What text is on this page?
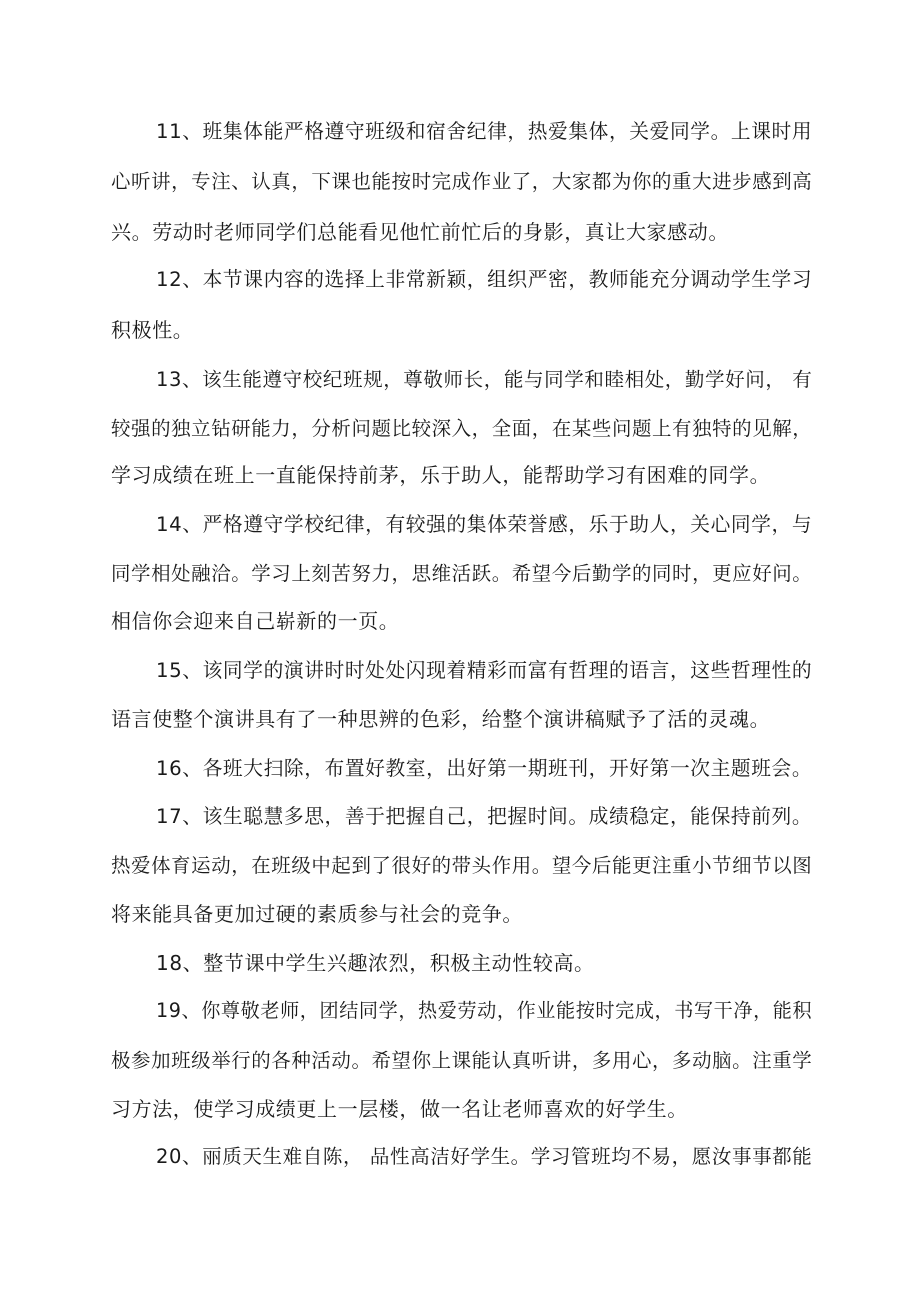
11、班集体能严格遵守班级和宿舍纪律，热爱集体，关爱同学。上课时用
心听讲，专注、认真，下课也能按时完成作业了，大家都为你的重大进步感到高
兴。劳动时老师同学们总能看见他忙前忙后的身影，真让大家感动。
12、本节课内容的选择上非常新颖，组织严密，教师能充分调动学生学习
积极性。
13、该生能遵守校纪班规，尊敬师长，能与同学和睦相处，勤学好问， 有
较强的独立钻研能力，分析问题比较深入，全面，在某些问题上有独特的见解，
学习成绩在班上一直能保持前茅，乐于助人，能帮助学习有困难的同学。
14、严格遵守学校纪律，有较强的集体荣誉感，乐于助人，关心同学，与
同学相处融洽。学习上刻苦努力，思维活跃。希望今后勤学的同时，更应好问。
相信你会迎来自己崭新的一页。
15、该同学的演讲时时处处闪现着精彩而富有哲理的语言，这些哲理性的
语言使整个演讲具有了一种思辨的色彩，给整个演讲稿赋予了活的灵魂。
16、各班大扫除，布置好教室，出好第一期班刊，开好第一次主题班会。
17、该生聪慧多思，善于把握自己，把握时间。成绩稳定，能保持前列。
热爱体育运动，在班级中起到了很好的带头作用。望今后能更注重小节细节以图
将来能具备更加过硬的素质参与社会的竞争。
18、整节课中学生兴趣浓烈，积极主动性较高。
19、你尊敬老师，团结同学，热爱劳动，作业能按时完成，书写干净，能积
极参加班级举行的各种活动。希望你上课能认真听讲，多用心，多动脑。注重学
习方法，使学习成绩更上一层楼，做一名让老师喜欢的好学生。
20、丽质天生难自陈， 品性高洁好学生。学习管班均不易，愿汝事事都能
